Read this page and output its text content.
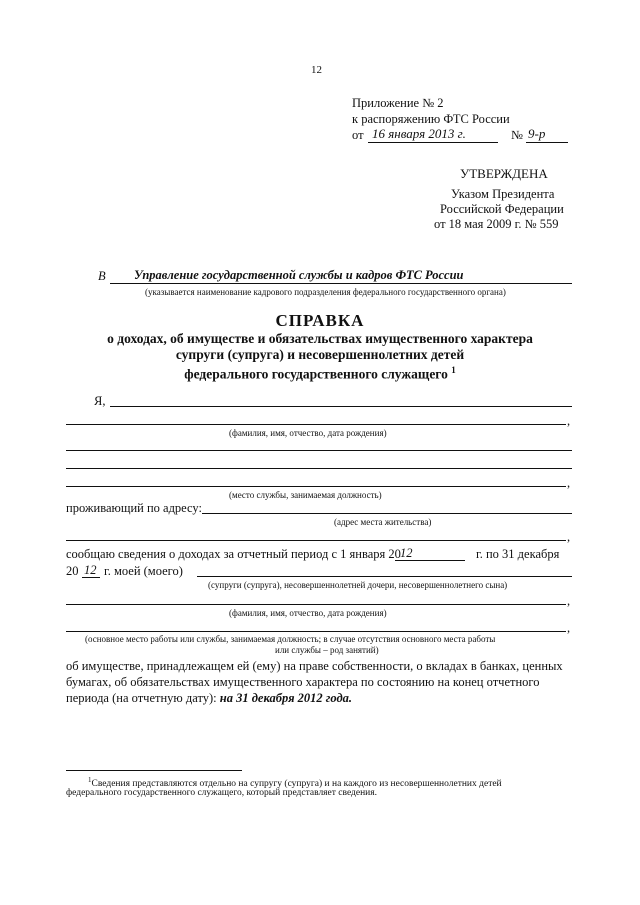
12
Приложение № 2
к распоряжению ФТС России
от 16 января 2013 г.	№ 9-р
УТВЕРЖДЕНА
Указом Президента
Российской Федерации
от 18 мая 2009 г. № 559
В Управление государственной службы и кадров ФТС России
(указывается наименование кадрового подразделения федерального государственного органа)
СПРАВКА
о доходах, об имуществе и обязательствах имущественного характера
супруги (супруга) и несовершеннолетних детей
федерального государственного служащего $^1$
Я,
,
(фамилия, имя, отчество, дата рождения)
,
(место службы, занимаемая должность)
проживающий по адресу:
(адрес места жительства)
,
сообщаю сведения о доходах за отчетный период с 1 января 20 12	г. по 31 декабря
20 12 г. моей (моего)
(супруги (супруга), несовершеннолетней дочери, несовершеннолетнего сына)
,
(фамилия, имя, отчество, дата рождения)
,
(основное место работы или службы, занимаемая должность; в случае отсутствия основного места работы
или службы – род занятий)
об имуществе, принадлежащем ей (ему) на праве собственности, о вкладах в банках, ценных
бумагах, об обязательствах имущественного характера по состоянию на конец отчетного
периода (на отчетную дату): на 31 декабря 2012 года.
$^1$Сведения представляются отдельно на супругу (супруга) и на каждого из несовершеннолетних детей
федерального государственного служащего, который представляет сведения.
